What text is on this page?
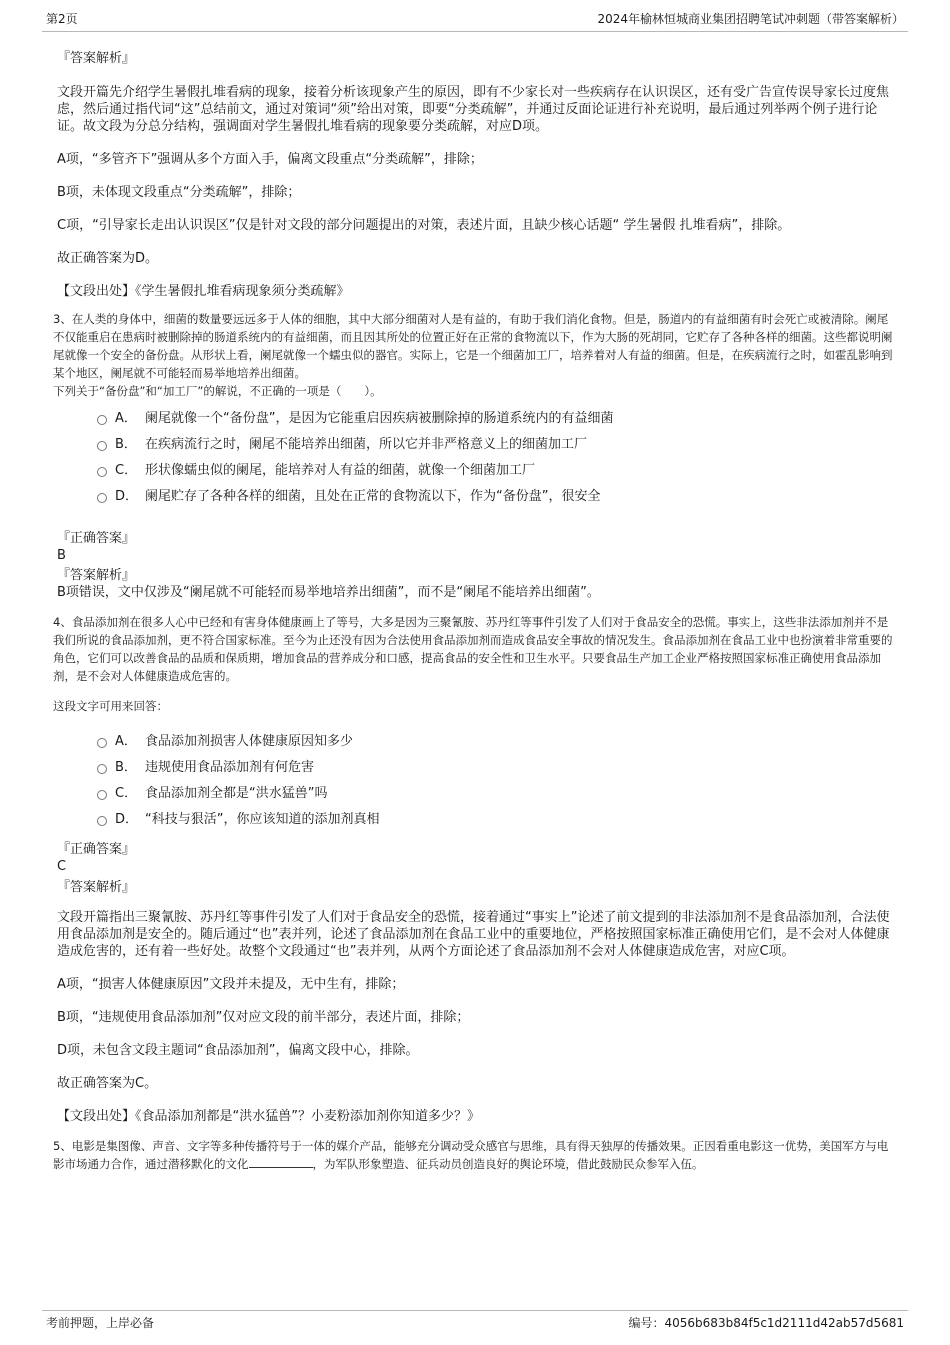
第2页	2024年榆林恒城商业集团招聘笔试冲刺题（带答案解析）

『答案解析』

文段开篇先介绍学生暑假扎堆看病的现象，接着分析该现象产生的原因，即有不少家长对一些疾病存在认识误区，还有受广告宣传误导家长过度焦虑，然后通过指代词“这”总结前文，通过对策词“须”给出对策，即要“分类疏解”，并通过反面论证进行补充说明，最后通过列举两个例子进行论证。故文段为分总分结构，强调面对学生暑假扎堆看病的现象要分类疏解，对应D项。

A项，“多管齐下”强调从多个方面入手，偏离文段重点“分类疏解”，排除；

B项，未体现文段重点“分类疏解”，排除；

C项，“引导家长走出认识误区”仅是针对文段的部分问题提出的对策，表述片面，且缺少核心话题“ 学生暑假 扎堆看病”，排除。

故正确答案为D。

【文段出处】《学生暑假扎堆看病现象须分类疏解》

3、在人类的身体中，细菌的数量要远远多于人体的细胞，其中大部分细菌对人是有益的，有助于我们消化食物。但是，肠道内的有益细菌有时会死亡或被清除。阑尾不仅能重启在患病时被删除掉的肠道系统内的有益细菌，而且因其所处的位置正好在正常的食物流以下，作为大肠的死胡同，它贮存了各种各样的细菌。这些都说明阑尾就像一个安全的备份盘。从形状上看，阑尾就像一个蠕虫似的器官。实际上，它是一个细菌加工厂，培养着对人有益的细菌。但是，在疾病流行之时，如霍乱影响到某个地区，阑尾就不可能轻而易举地培养出细菌。

下列关于“备份盘”和“加工厂”的解说，不正确的一项是（　　）。

A． 阑尾就像一个“备份盘”，是因为它能重启因疾病被删除掉的肠道系统内的有益细菌
B． 在疾病流行之时，阑尾不能培养出细菌，所以它并非严格意义上的细菌加工厂
C． 形状像蠕虫似的阑尾，能培养对人有益的细菌，就像一个细菌加工厂
D． 阑尾贮存了各种各样的细菌，且处在正常的食物流以下，作为“备份盘”，很安全

『正确答案』

B

『答案解析』

B项错误，文中仅涉及“阑尾就不可能轻而易举地培养出细菌”，而不是“阑尾不能培养出细菌”。

4、食品添加剂在很多人心中已经和有害身体健康画上了等号，大多是因为三聚氰胺、苏丹红等事件引发了人们对于食品安全的恐慌。事实上，这些非法添加剂并不是我们所说的食品添加剂，更不符合国家标准。至今为止还没有因为合法使用食品添加剂而造成食品安全事故的情况发生。食品添加剂在食品工业中也扮演着非常重要的角色，它们可以改善食品的品质和保质期，增加食品的营养成分和口感，提高食品的安全性和卫生水平。只要食品生产加工企业严格按照国家标准正确使用食品添加剂，是不会对人体健康造成危害的。

这段文字可用来回答：

A． 食品添加剂损害人体健康原因知多少
B． 违规使用食品添加剂有何危害
C． 食品添加剂全都是“洪水猛兽”吗
D． “科技与狠活”，你应该知道的添加剂真相

『正确答案』

C

『答案解析』

文段开篇指出三聚氰胺、苏丹红等事件引发了人们对于食品安全的恐慌，接着通过“事实上”论述了前文提到的非法添加剂不是食品添加剂，合法使用食品添加剂是安全的。随后通过“也”表并列，论述了食品添加剂在食品工业中的重要地位，严格按照国家标准正确使用它们，是不会对人体健康造成危害的，还有着一些好处。故整个文段通过“也”表并列，从两个方面论述了食品添加剂不会对人体健康造成危害，对应C项。

A项，“损害人体健康原因”文段并未提及，无中生有，排除；

B项，“违规使用食品添加剂”仅对应文段的前半部分，表述片面，排除；

D项，未包含文段主题词“食品添加剂”，偏离文段中心，排除。

故正确答案为C。

【文段出处】《食品添加剂都是“洪水猛兽”？小麦粉添加剂你知道多少？》

5、电影是集图像、声音、文字等多种传播符号于一体的媒介产品，能够充分调动受众感官与思维，具有得天独厚的传播效果。正因看重电影这一优势，美国军方与电影市场通力合作，通过潜移默化的文化	，为军队形象塑造、征兵动员创造良好的舆论环境，借此鼓励民众参军入伍。

考前押题，上岸必备	编号：4056b683b84f5c1d2111d42ab57d5681
